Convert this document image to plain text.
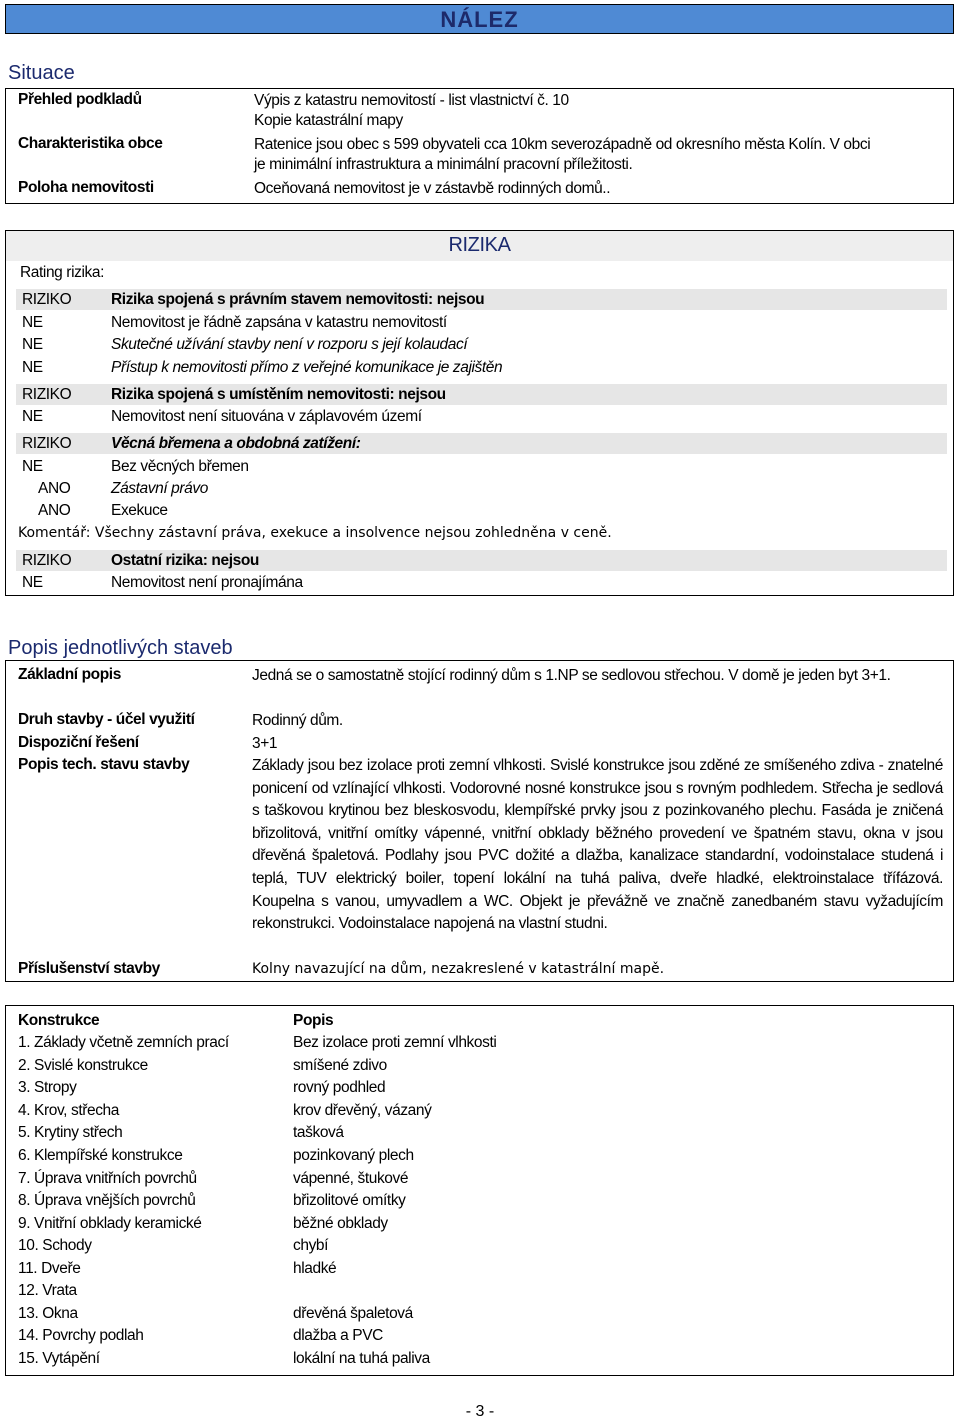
NÁLEZ
Situace
Přehled podkladů	Výpis z katastru nemovitostí - list vlastnictví č. 10
Kopie katastrální mapy
Charakteristika obce	Ratenice jsou obec s 599 obyvateli cca 10km severozápadně od okresního města Kolín. V obci
je minimální infrastruktura a minimální pracovní příležitosti.
Poloha nemovitosti	Oceňovaná nemovitost je v zástavbě rodinných domů..
RIZIKA
Rating rizika:
RIZIKO	Rizika spojená s právním stavem nemovitosti: nejsou
NE	Nemovitost je řádně zapsána v katastru nemovitostí
NE	Skutečné užívání stavby není v rozporu s její kolaudací
NE	Přístup k nemovitosti přímo z veřejné komunikace je zajištěn
RIZIKO	Rizika spojená s umístěním nemovitosti: nejsou
NE	Nemovitost není situována v záplavovém území
RIZIKO	Věcná břemena a obdobná zatížení:
NE	Bez věcných břemen
ANO	Zástavní právo
ANO	Exekuce
Komentář: Všechny zástavní práva, exekuce a insolvence nejsou zohledněna v ceně.
RIZIKO	Ostatní rizika: nejsou
NE	Nemovitost není pronajímána
Popis jednotlivých staveb
Základní popis	Jedná se o samostatně stojící rodinný dům s 1.NP se sedlovou střechou. V domě je jeden byt 3+1.
Druh stavby - účel využití	Rodinný dům.
Dispoziční řešení	3+1
Popis tech. stavu stavby	Základy jsou bez izolace proti zemní vlhkosti. Svislé konstrukce jsou zděné ze smíšeného zdiva - znatelné ponicení od vzlínající vlhkosti. Vodorovné nosné konstrukce jsou s rovným podhledem. Střecha je sedlová s taškovou krytinou bez bleskosvodu, klempířské prvky jsou z pozinkovaného plechu. Fasáda je zničená břizolitová, vnitřní omítky vápenné, vnitřní obklady běžného provedení ve špatném stavu, okna v jsou dřevěná špaletová. Podlahy jsou PVC dožité a dlažba, kanalizace standardní, vodoinstalace studená i teplá, TUV elektrický boiler, topení lokální na tuhá paliva, dveře hladké, elektroinstalace třífázová. Koupelna s vanou, umyvadlem a WC. Objekt je převážně ve značně zanedbaném stavu vyžadujícím rekonstrukci. Vodoinstalace napojená na vlastní studni.
Příslušenství stavby	Kolny navazující na dům, nezakreslené v katastrální mapě.
Konstrukce	Popis
1. Základy včetně zemních prací	Bez izolace proti zemní vlhkosti
2. Svislé konstrukce	smíšené zdivo
3. Stropy	rovný podhled
4. Krov, střecha	krov dřevěný, vázaný
5. Krytiny střech	tašková
6. Klempířské konstrukce	pozinkovaný plech
7. Úprava vnitřních povrchů	vápenné, štukové
8. Úprava vnějších povrchů	břizolitové omítky
9. Vnitřní obklady keramické	běžné obklady
10. Schody	chybí
11. Dveře	hladké
12. Vrata
13. Okna	dřevěná špaletová
14. Povrchy podlah	dlažba a PVC
15. Vytápění	lokální na tuhá paliva
- 3 -
